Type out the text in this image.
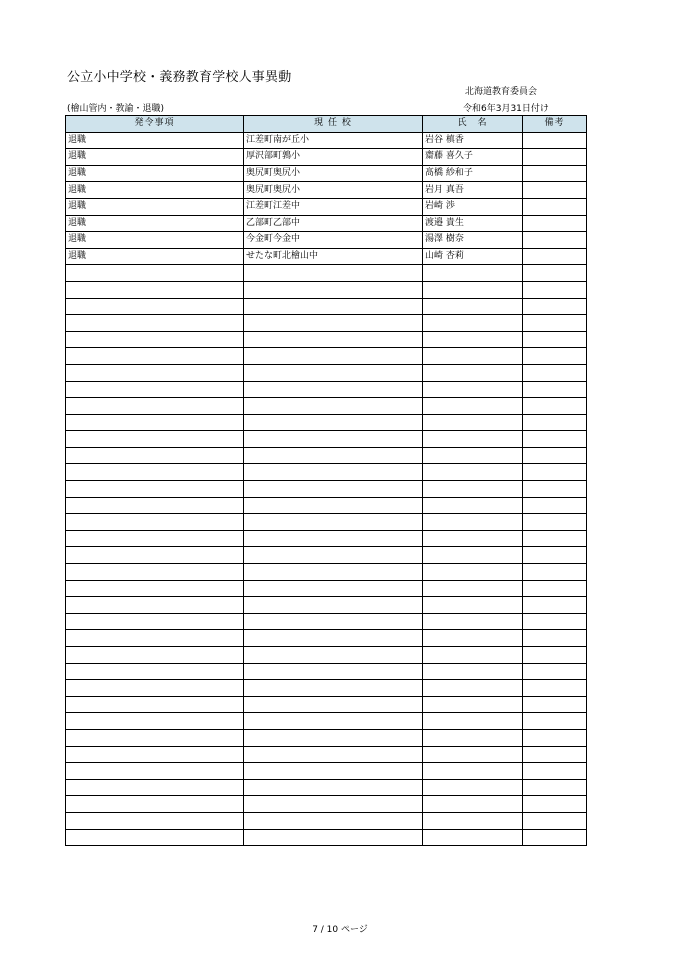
公立小中学校・義務教育学校人事異動
北海道教育委員会
(檜山管内・教諭・退職)	令和6年3月31日付け
発令事項	現 任 校	氏　名	備考
退職	江差町南が丘小	岩谷 槙香	
退職	厚沢部町鶉小	齋藤 喜久子	
退職	奥尻町奥尻小	髙橋 紗和子	
退職	奥尻町奥尻小	岩月 真吾	
退職	江差町江差中	岩崎 渉	
退職	乙部町乙部中	渡邉 貴生	
退職	今金町今金中	湯澤 樹奈	
退職	せたな町北檜山中	山崎 杏莉	

7 / 10 ページ
